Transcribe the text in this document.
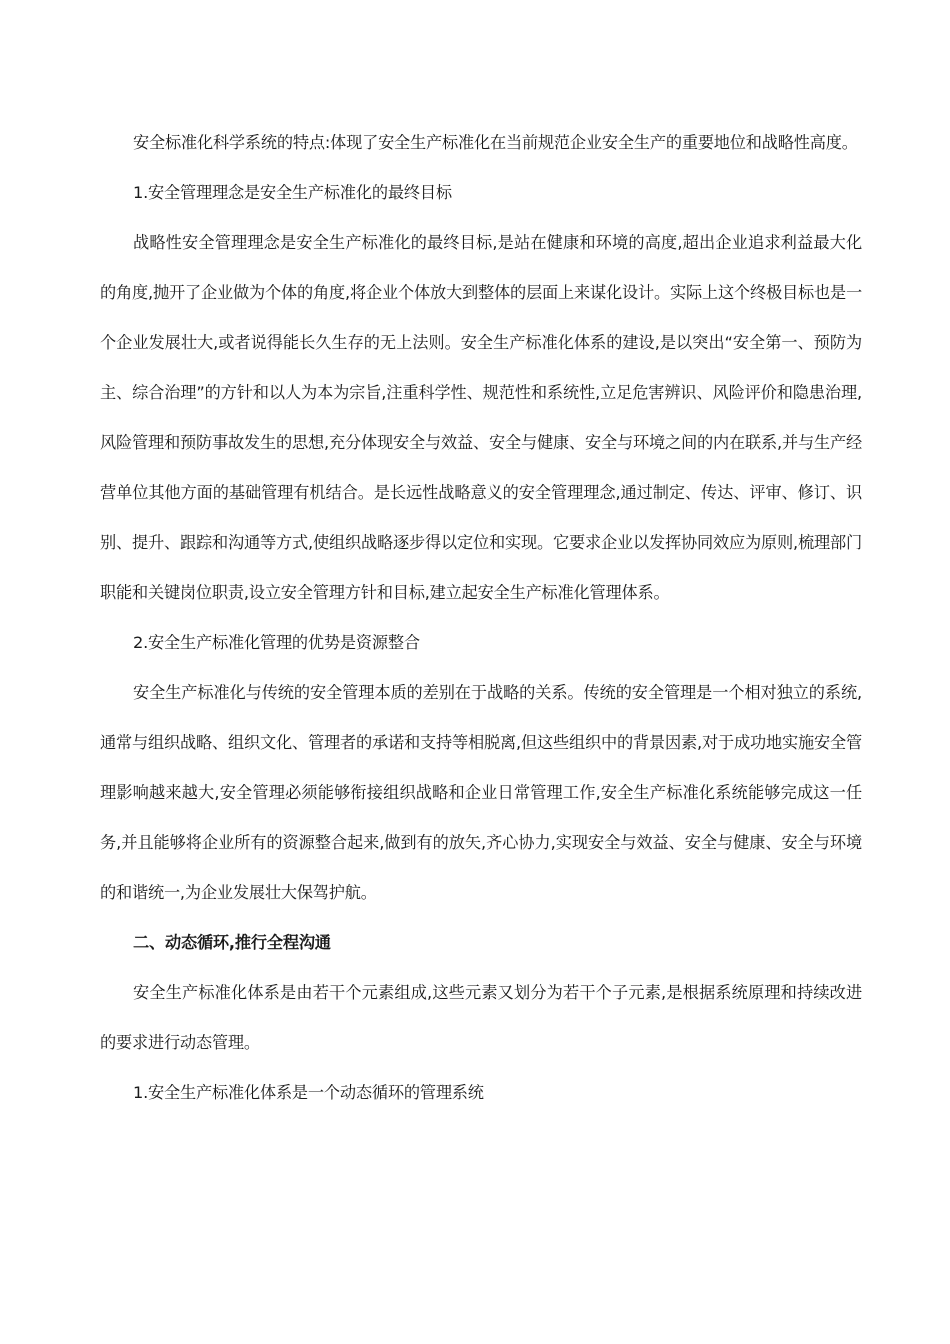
安全标准化科学系统的特点:体现了安全生产标准化在当前规范企业安全生产的重要地位和战略性高度。

1.安全管理理念是安全生产标准化的最终目标

战略性安全管理理念是安全生产标准化的最终目标,是站在健康和环境的高度,超出企业追求利益最大化的角度,抛开了企业做为个体的角度,将企业个体放大到整体的层面上来谋化设计。实际上这个终极目标也是一个企业发展壮大,或者说得能长久生存的无上法则。安全生产标准化体系的建设,是以突出“安全第一、预防为主、综合治理”的方针和以人为本为宗旨,注重科学性、规范性和系统性,立足危害辨识、风险评价和隐患治理,风险管理和预防事故发生的思想,充分体现安全与效益、安全与健康、安全与环境之间的内在联系,并与生产经营单位其他方面的基础管理有机结合。是长远性战略意义的安全管理理念,通过制定、传达、评审、修订、识别、提升、跟踪和沟通等方式,使组织战略逐步得以定位和实现。它要求企业以发挥协同效应为原则,梳理部门职能和关键岗位职责,设立安全管理方针和目标,建立起安全生产标准化管理体系。

2.安全生产标准化管理的优势是资源整合

安全生产标准化与传统的安全管理本质的差别在于战略的关系。传统的安全管理是一个相对独立的系统,通常与组织战略、组织文化、管理者的承诺和支持等相脱离,但这些组织中的背景因素,对于成功地实施安全管理影响越来越大,安全管理必须能够衔接组织战略和企业日常管理工作,安全生产标准化系统能够完成这一任务,并且能够将企业所有的资源整合起来,做到有的放矢,齐心协力,实现安全与效益、安全与健康、安全与环境的和谐统一,为企业发展壮大保驾护航。

二、动态循环,推行全程沟通

安全生产标准化体系是由若干个元素组成,这些元素又划分为若干个子元素,是根据系统原理和持续改进的要求进行动态管理。

1.安全生产标准化体系是一个动态循环的管理系统
